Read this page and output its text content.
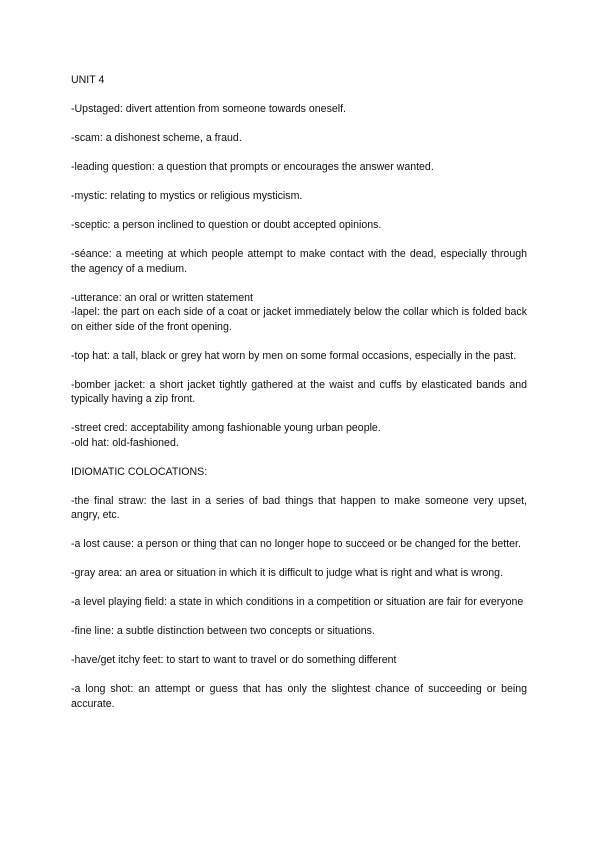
UNIT 4

-Upstaged: divert attention from someone towards oneself.

-scam: a dishonest scheme, a fraud.

-leading question: a question that prompts or encourages the answer wanted.

-mystic: relating to mystics or religious mysticism.

-sceptic: a person inclined to question or doubt accepted opinions.

-séance: a meeting at which people attempt to make contact with the dead, especially through the agency of a medium.

-utterance: an oral or written statement

-lapel: the part on each side of a coat or jacket immediately below the collar which is folded back on either side of the front opening.

-top hat: a tall, black or grey hat worn by men on some formal occasions, especially in the past.

-bomber jacket: a short jacket tightly gathered at the waist and cuffs by elasticated bands and typically having a zip front.

-street cred: acceptability among fashionable young urban people.

-old hat: old-fashioned.

IDIOMATIC COLOCATIONS:

-the final straw: the last in a series of bad things that happen to make someone very upset, angry, etc.

-a lost cause: a person or thing that can no longer hope to succeed or be changed for the better.

-gray area: an area or situation in which it is difficult to judge what is right and what is wrong.

-a level playing field: a state in which conditions in a competition or situation are fair for everyone

-fine line: a subtle distinction between two concepts or situations.

-have/get itchy feet: to start to want to travel or do something different

-a long shot: an attempt or guess that has only the slightest chance of succeeding or being accurate.
